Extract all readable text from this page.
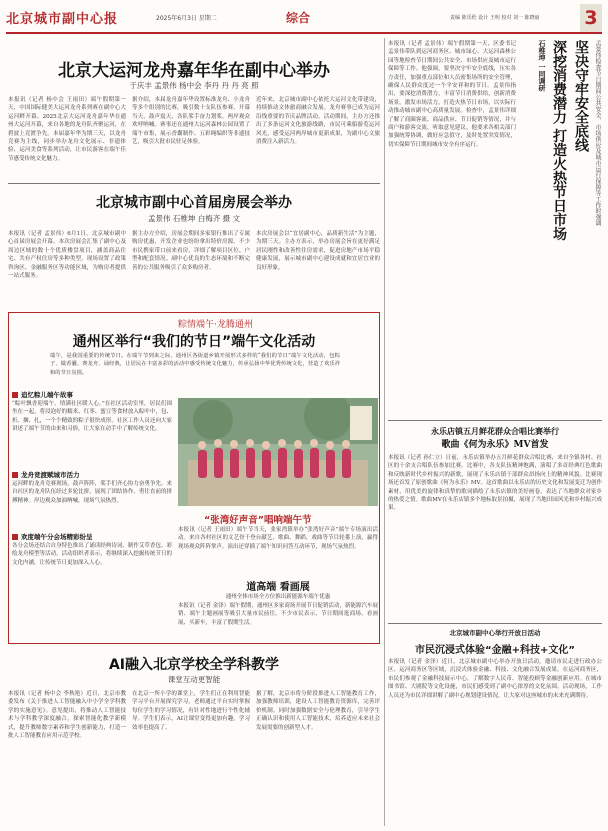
北京城市副中心报	2025年6月3日 星期二	综合	责编 陈乐伦 设计 王明 校对 刘一 陈晓丽 3
北京大运河龙舟嘉年华在副中心举办
于庆丰 孟景伟 杨中会 李丹 丹 丹 亮 照
本报讯（记者 杨中会 王雨田）端午假期第一天，中国国际健美大运河龙舟系列赛在副中心大运河畔开幕。2025北京大运河龙舟嘉年华在通州大运河开幕，来自各地的龙舟队齐聚运河，在碧波上竞渡争先。本届嘉年华为期三天，以龙舟竞赛为主线，同步举办龙舟文化展示、非遗体验、运河美食等系列活动，让市民游客在端午佳节感受传统文化魅力。
据介绍，本届龙舟嘉年华设置标准龙舟、小龙舟等多个组别的比赛，吸引数十支队伍参赛。开幕当天，鼓声震天，各队桨手奋力划桨，两岸观众欢呼呐喊。赛事还在通州大运河森林公园设置了端午市集，展示香囊制作、五彩绳编织等非遗技艺，吸引大批市民驻足体验。
近年来，北京城市副中心依托大运河文化带建设，持续推动文体旅商融合发展。龙舟赛事已成为运河沿线重要的节庆品牌活动。活动期间，主办方还推出了多条运河文化旅游线路，市民可乘船游览运河风光，感受运河两岸城市更新成果，为副中心文旅消费注入新活力。
北京城市副中心首届房展会举办
孟景伟 石椎坤 白梅齐 摄 文
本报讯（记者 孟景伟）6月1日，北京城市副中心首届房展会开幕。本次房展会汇集了副中心及周边区域的数十个优质楼盘项目，涵盖商品住宅、共有产权住房等多种类型。现场设置了政策咨询区、金融服务区等功能区域，为购房者提供一站式服务。
据主办方介绍，房展会期间多家银行推出了专属购房优惠，开发企业也纷纷拿出特价房源。不少市民携家带口前来看房，详细了解项目区位、户型和配套情况。副中心优良的生态环境和不断完善的公共服务吸引了众多购房者。
本次房展会以“宜居副中心，品质新生活”为主题，为期三天。主办方表示，举办房展会旨在更好满足居民刚性和改善性住房需求，促进房地产市场平稳健康发展，展示城市副中心建设成就和宜居宜业的良好形象。
粽情端午·龙腾通州
通州区举行“我们的节日”端午文化活动
端午，是我国重要的传统节日。在端午节到来之际，通州区各街道乡镇开展形式多样的“我们的节日”端午文化活动，包粽子、做香囊、赛龙舟、诵经典，让居民在丰富多彩的活动中感受传统文化魅力，传承弘扬中华优秀传统文化，营造了欢乐祥和的节日氛围。
追忆粽儿端午故事
“粽叶飘香迎端午，情满社区暖人心。”在社区活动室里，居民们围坐在一起，将浸泡好的糯米、红枣、蜜豆等食材放入粽叶中，包、折、捆、扎，一个个精致的粽子很快成形。社区工作人员还向大家讲述了端午节的由来和习俗，让大家在动手中了解传统文化。
龙舟竞渡赋城市活力
运河畔的龙舟竞赛现场，鼓声阵阵，桨手们齐心协力奋勇争先。来自社区的龙舟队伍经过多轮比拼，展现了团结协作、勇往直前的拼搏精神。岸边观众加油呐喊，现场气氛热烈。
欢度端午分会场精彩纷呈
各分会场还结合自身特色推出了诵读经典诗词、制作艾草香包、彩绘龙舟模型等活动。活动组织者表示，将继续深入挖掘传统节日的文化内涵，让传统节日更加深入人心。
“张湾好声音”唱响端午节
本报讯（记者 王雨田）端午节当天，张家湾镇举办“张湾好声音”端午专场演出活动。来自各村社区的文艺骨干登台献艺，歌曲、舞蹈、戏曲等节目轮番上演，赢得现场观众阵阵掌声。演出还穿插了端午知识问答互动环节，现场气氛热烈。
道高端 看画展
通州全体市场全方位推出新能源车端午优惠
本报讯（记者 金泽）端午假期，通州区多家商场开展节日促销活动，新能源汽车展销、端午主题画展等吸引大量市民前往。不少市民表示，节日期间逛商场、看画展、买新车，丰富了假期生活。
AI融入北京学校全学科教学
课堂互动更智能
本报讯（记者 杨中会 李秋艳）近日，北京市教委发布《关于推进人工智能融入中小学全学科教学的实施意见》。意见提出，将推动人工智能技术与学科教学深度融合，探索智能化教学新模式，提升教师数字素养和学生创新能力，打造一批人工智能教育应用示范学校。
在北京一所小学的课堂上，学生们正在利用智能学习平台开展探究学习。老师通过平台实时掌握每位学生的学习情况，有针对性地进行个性化辅导。学生们表示，AI让课堂变得更加有趣，学习效率也提高了。
据了解，北京市将分阶段推进人工智能教育工作，加强教师培训，建设人工智能教育资源库，完善评价机制。同时加强数据安全与伦理教育，引导学生正确认识和使用人工智能技术，培养适应未来社会发展需要的创新型人才。
本报讯（记者 孟景伟）端午假期第一天，区委书记孟景伟带队到运河商务区、城市绿心、大运河森林公园等地检查节日期间公共安全、市场供应及城市运行保障等工作。他强调，要坚决守牢安全底线，压实各方责任，加强重点部位和人员密集场所的安全管理，确保人民群众度过一个平安祥和的节日。孟景伟指出，要深挖消费潜力，丰富节日消费供给，创新消费场景，激发市场活力，打造火热节日市场，以实际行动推动城市副中心高质量发展。检查中，孟景伟详细了解了商圈客流、商品供应、节日促销等情况，并与商户和游客交流，听取意见建议。他要求各相关部门加强统筹协调，做好应急值守，及时处置突发情况，切实保障节日期间城市安全有序运行。	孟景伟检查节日期间公共安全、市场供应及城市运行保障等工作时强调
坚决守牢安全底线
深挖消费潜力 打造火热节日市场
石椎坤 一同调研
永乐店镇五月鲜花群众合唱比赛举行
歌曲《何为永乐》MV首发
本报讯（记者 孙仁立）日前，永乐店镇举办五月鲜花群众合唱比赛，来自全镇各村、社区的十余支合唱队伍参加比赛。比赛中，各支队伍精神饱满，演唱了多首经典红色歌曲和反映新时代乡村振兴的新歌，展现了永乐店镇干部群众昂扬向上的精神风貌。比赛现场还首发了原创歌曲《何为永乐》MV。这首歌曲以永乐店的历史文化和发展变迁为创作素材，用优美的旋律和真挚的歌词描绘了永乐店镇的美好画卷，表达了当地群众对家乡的热爱之情。歌曲MV在永乐店镇多个地标取景拍摄，展现了当地田园风光和乡村振兴成果。
北京城市副中心举行开放日活动
市民沉浸式体验“金融+科技+文化”
本报讯（记者 金泽）近日，北京城市副中心举办开放日活动，邀请市民走进行政办公区、运河商务区等区域，沉浸式体验金融、科技、文化融合发展成果。在运河商务区，市民们参观了金融科技展示中心，了解数字人民币、智能投顾等金融创新应用。在城市图书馆、大剧院等文化设施，市民们感受到了副中心浓厚的文化氛围。活动现场，工作人员还为市民详细讲解了副中心规划建设情况，让大家对这座城市的未来充满期待。
